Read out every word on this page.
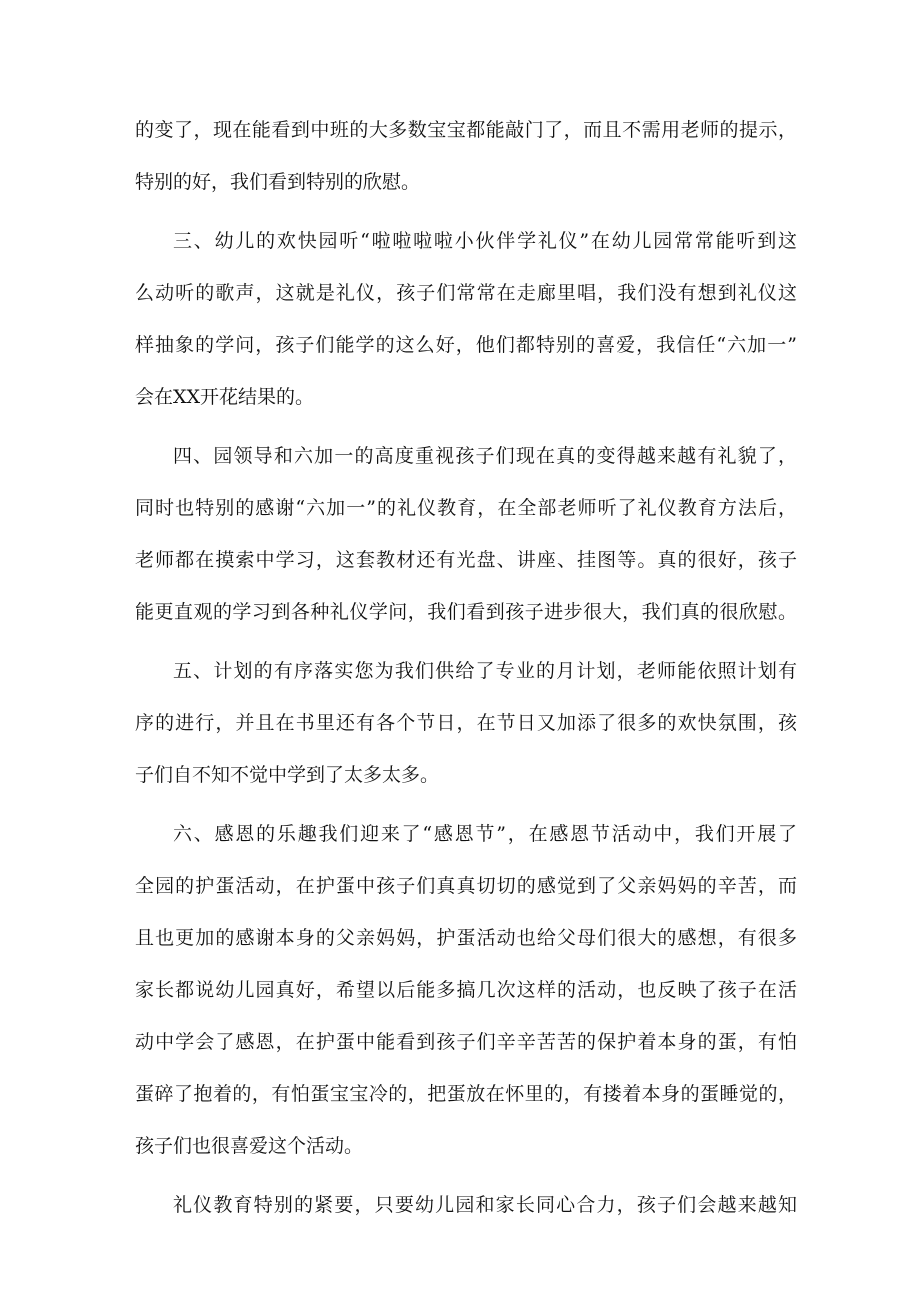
的变了，现在能看到中班的大多数宝宝都能敲门了，而且不需用老师的提示，
特别的好，我们看到特别的欣慰。
三、幼儿的欢快园听“啦啦啦啦小伙伴学礼仪”在幼儿园常常能听到这
么动听的歌声，这就是礼仪，孩子们常常在走廊里唱，我们没有想到礼仪这
样抽象的学问，孩子们能学的这么好，他们都特别的喜爱，我信任“六加一”
会在XX开花结果的。
四、园领导和六加一的高度重视孩子们现在真的变得越来越有礼貌了，
同时也特别的感谢“六加一”的礼仪教育，在全部老师听了礼仪教育方法后，
老师都在摸索中学习，这套教材还有光盘、讲座、挂图等。真的很好，孩子
能更直观的学习到各种礼仪学问，我们看到孩子进步很大，我们真的很欣慰。
五、计划的有序落实您为我们供给了专业的月计划，老师能依照计划有
序的进行，并且在书里还有各个节日，在节日又加添了很多的欢快氛围，孩
子们自不知不觉中学到了太多太多。
六、感恩的乐趣我们迎来了“感恩节”，在感恩节活动中，我们开展了
全园的护蛋活动，在护蛋中孩子们真真切切的感觉到了父亲妈妈的辛苦，而
且也更加的感谢本身的父亲妈妈，护蛋活动也给父母们很大的感想，有很多
家长都说幼儿园真好，希望以后能多搞几次这样的活动，也反映了孩子在活
动中学会了感恩，在护蛋中能看到孩子们辛辛苦苦的保护着本身的蛋，有怕
蛋碎了抱着的，有怕蛋宝宝冷的，把蛋放在怀里的，有搂着本身的蛋睡觉的，
孩子们也很喜爱这个活动。
礼仪教育特别的紧要，只要幼儿园和家长同心合力，孩子们会越来越知
